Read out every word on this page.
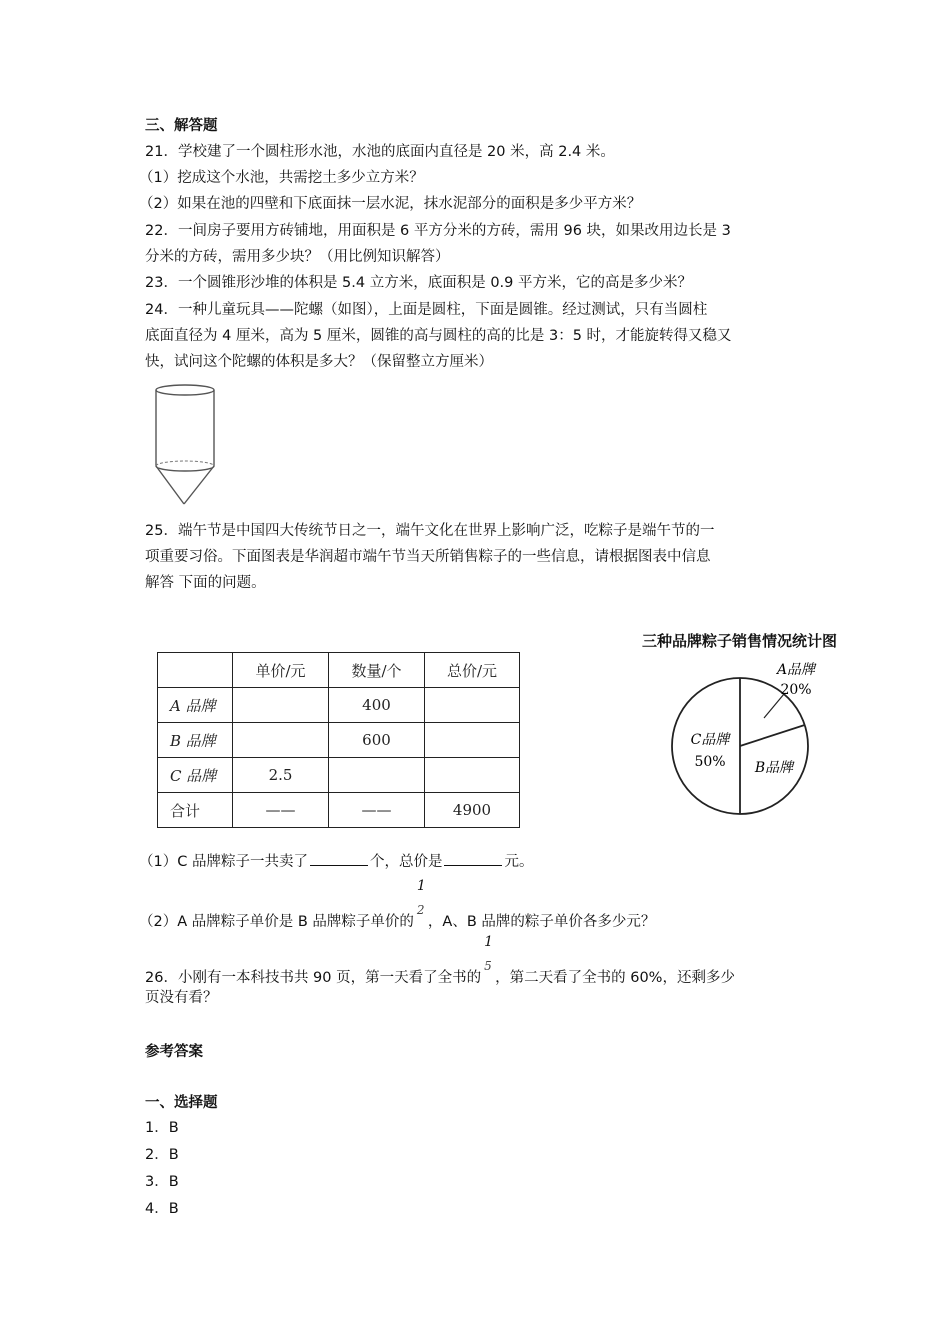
三、解答题
21．学校建了一个圆柱形水池，水池的底面内直径是 20 米，高 2.4 米。
（1）挖成这个水池，共需挖土多少立方米？
（2）如果在池的四壁和下底面抹一层水泥，抹水泥部分的面积是多少平方米？
22．一间房子要用方砖铺地，用面积是 6 平方分米的方砖，需用 96 块，如果改用边长是 3
分米的方砖，需用多少块？（用比例知识解答）
23．一个圆锥形沙堆的体积是 5.4 立方米，底面积是 0.9 平方米，它的高是多少米？
24．一种儿童玩具——陀螺（如图），上面是圆柱，下面是圆锥。经过测试，只有当圆柱
底面直径为 4 厘米，高为 5 厘米，圆锥的高与圆柱的高的比是 3：5 时，才能旋转得又稳又
快，试问这个陀螺的体积是多大？（保留整立方厘米）
25．端午节是中国四大传统节日之一，端午文化在世界上影响广泛，吃粽子是端午节的一
项重要习俗。下面图表是华润超市端午节当天所销售粽子的一些信息，请根据图表中信息
解答 下面的问题。
	单价/元	数量/个	总价/元
A 品牌		400	
B 品牌		600	
C 品牌	2.5		
合计	——	——	4900
三种品牌粽子销售情况统计图
A品牌
20%
C品牌
50% B品牌
（1）C 品牌粽子一共卖了	个，总价是	元。
（2）A 品牌粽子单价是 B 品牌粽子单价的
1
2
，A、B 品牌的粽子单价各多少元？
26．小刚有一本科技书共 90 页，第一天看了全书的
1
5
，第二天看了全书的 60%，还剩多少
页没有看？
参考答案
一、选择题
1．B
2．B
3．B
4．B
